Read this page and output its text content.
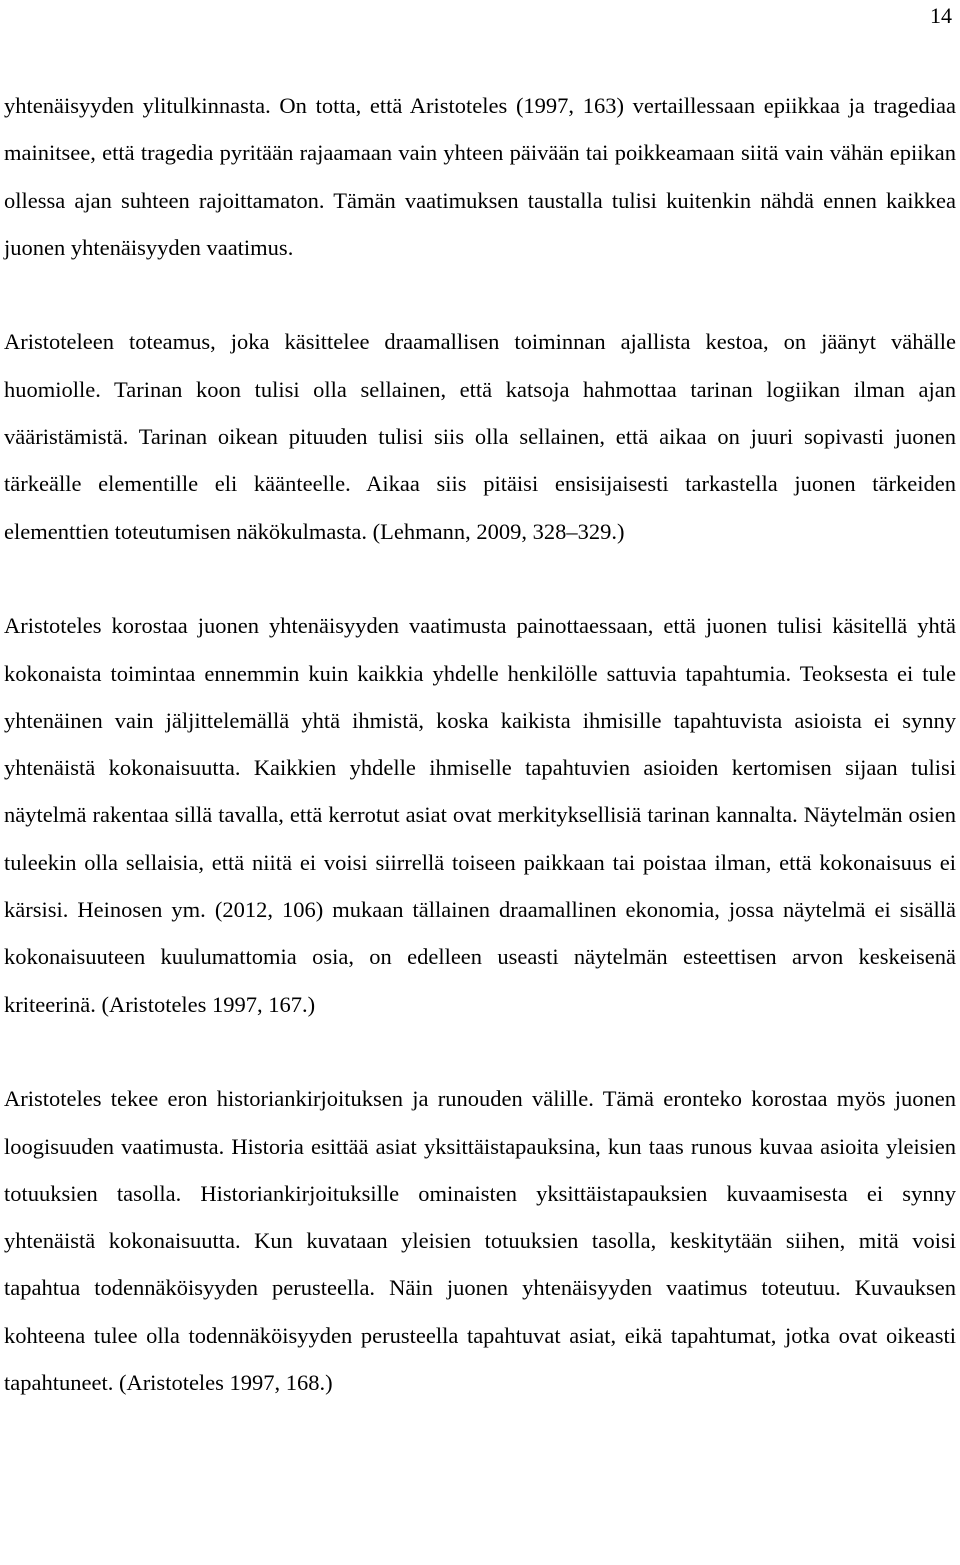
14

yhtenäisyyden ylitulkinnasta. On totta, että Aristoteles (1997, 163) vertaillessaan epiikkaa ja tragediaa mainitsee, että tragedia pyritään rajaamaan vain yhteen päivään tai poikkeamaan siitä vain vähän epiikan ollessa ajan suhteen rajoittamaton. Tämän vaatimuksen taustalla tulisi kuitenkin nähdä ennen kaikkea juonen yhtenäisyyden vaatimus.

Aristoteleen toteamus, joka käsittelee draamallisen toiminnan ajallista kestoa, on jäänyt vähälle huomiolle. Tarinan koon tulisi olla sellainen, että katsoja hahmottaa tarinan logiikan ilman ajan vääristämistä. Tarinan oikean pituuden tulisi siis olla sellainen, että aikaa on juuri sopivasti juonen tärkeälle elementille eli käänteelle. Aikaa siis pitäisi ensisijaisesti tarkastella juonen tärkeiden elementtien toteutumisen näkökulmasta. (Lehmann, 2009, 328–329.)

Aristoteles korostaa juonen yhtenäisyyden vaatimusta painottaessaan, että juonen tulisi käsitellä yhtä kokonaista toimintaa ennemmin kuin kaikkia yhdelle henkilölle sattuvia tapahtumia. Teoksesta ei tule yhtenäinen vain jäljittelemällä yhtä ihmistä, koska kaikista ihmisille tapahtuvista asioista ei synny yhtenäistä kokonaisuutta. Kaikkien yhdelle ihmiselle tapahtuvien asioiden kertomisen sijaan tulisi näytelmä rakentaa sillä tavalla, että kerrotut asiat ovat merkityksellisiä tarinan kannalta. Näytelmän osien tuleekin olla sellaisia, että niitä ei voisi siirrellä toiseen paikkaan tai poistaa ilman, että kokonaisuus ei kärsisi. Heinosen ym. (2012, 106) mukaan tällainen draamallinen ekonomia, jossa näytelmä ei sisällä kokonaisuuteen kuulumattomia osia, on edelleen useasti näytelmän esteettisen arvon keskeisenä kriteerinä. (Aristoteles 1997, 167.)

Aristoteles tekee eron historiankirjoituksen ja runouden välille. Tämä eronteko korostaa myös juonen loogisuuden vaatimusta. Historia esittää asiat yksittäistapauksina, kun taas runous kuvaa asioita yleisien totuuksien tasolla. Historiankirjoituksille ominaisten yksittäistapauksien kuvaamisesta ei synny yhtenäistä kokonaisuutta. Kun kuvataan yleisien totuuksien tasolla, keskitytään siihen, mitä voisi tapahtua todennäköisyyden perusteella. Näin juonen yhtenäisyyden vaatimus toteutuu. Kuvauksen kohteena tulee olla todennäköisyyden perusteella tapahtuvat asiat, eikä tapahtumat, jotka ovat oikeasti tapahtuneet. (Aristoteles 1997, 168.)
